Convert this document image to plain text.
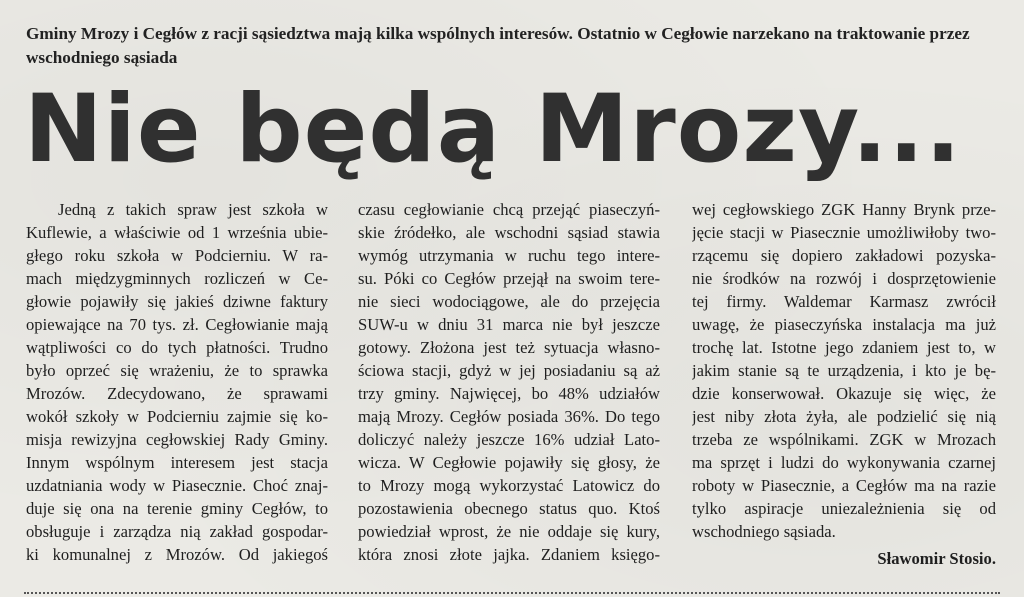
Gminy Mrozy i Cegłów z racji sąsiedztwa mają kilka wspólnych interesów. Ostatnio w Cegłowie narzekano na traktowanie przez wschodniego sąsiada

Nie będą Mrozy...
Jedną z takich spraw jest szkoła w
Kuflewie, a właściwie od 1 września ubie-
głego roku szkoła w Podcierniu. W ra-
mach międzygminnych rozliczeń w Ce-
głowie pojawiły się jakieś dziwne faktury
opiewające na 70 tys. zł. Cegłowianie mają
wątpliwości co do tych płatności. Trudno
było oprzeć się wrażeniu, że to sprawka
Mrozów. Zdecydowano, że sprawami
wokół szkoły w Podcierniu zajmie się ko-
misja rewizyjna cegłowskiej Rady Gminy.
Innym wspólnym interesem jest stacja
uzdatniania wody w Piasecznie. Choć znaj-
duje się ona na terenie gminy Cegłów, to
obsługuje i zarządza nią zakład gospodar-
ki komunalnej z Mrozów. Od jakiegoś
czasu cegłowianie chcą przejąć piaseczyń-
skie źródełko, ale wschodni sąsiad stawia
wymóg utrzymania w ruchu tego intere-
su. Póki co Cegłów przejął na swoim tere-
nie sieci wodociągowe, ale do przejęcia
SUW-u w dniu 31 marca nie był jeszcze
gotowy. Złożona jest też sytuacja własno-
ściowa stacji, gdyż w jej posiadaniu są aż
trzy gminy. Najwięcej, bo 48% udziałów
mają Mrozy. Cegłów posiada 36%. Do tego
doliczyć należy jeszcze 16% udział Lato-
wicza. W Cegłowie pojawiły się głosy, że
to Mrozy mogą wykorzystać Latowicz do
pozostawienia obecnego status quo. Ktoś
powiedział wprost, że nie oddaje się kury,
która znosi złote jajka. Zdaniem księgo-
wej cegłowskiego ZGK Hanny Brynk prze-
jęcie stacji w Piasecznie umożliwiłoby two-
rzącemu się dopiero zakładowi pozyska-
nie środków na rozwój i dosprzętowienie
tej firmy. Waldemar Karmasz zwrócił
uwagę, że piaseczyńska instalacja ma już
trochę lat. Istotne jego zdaniem jest to, w
jakim stanie są te urządzenia, i kto je bę-
dzie konserwował. Okazuje się więc, że
jest niby złota żyła, ale podzielić się nią
trzeba ze wspólnikami. ZGK w Mrozach
ma sprzęt i ludzi do wykonywania czarnej
roboty w Piasecznie, a Cegłów ma na razie
tylko aspiracje uniezależnienia się od
wschodniego sąsiada.
Sławomir Stosio.
